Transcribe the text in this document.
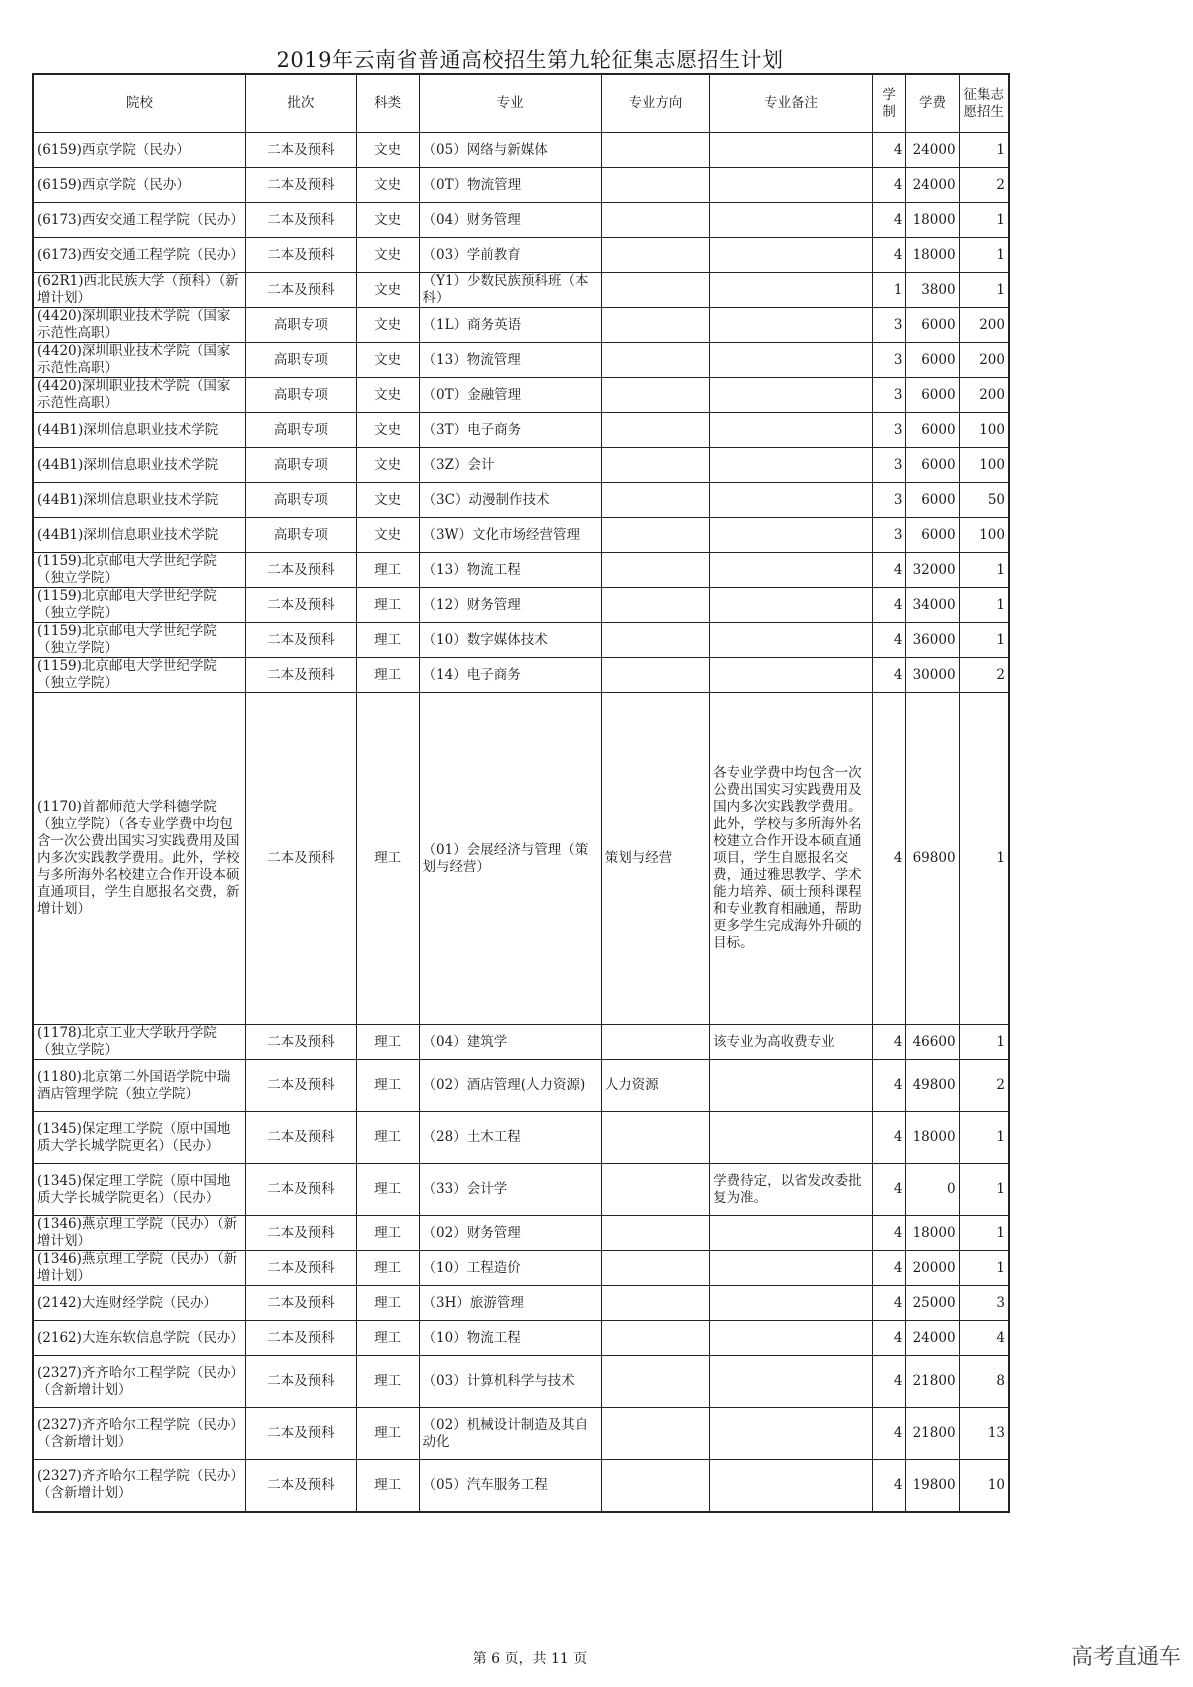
2019年云南省普通高校招生第九轮征集志愿招生计划
院校	批次	科类	专业	专业方向	专业备注	学制	学费	征集志愿招生
(6159)西京学院（民办）	二本及预科	文史	（05）网络与新媒体			4	24000	1
(6159)西京学院（民办）	二本及预科	文史	（0T）物流管理			4	24000	2
(6173)西安交通工程学院（民办）	二本及预科	文史	（04）财务管理			4	18000	1
(6173)西安交通工程学院（民办）	二本及预科	文史	（03）学前教育			4	18000	1
(62R1)西北民族大学（预科）（新增计划）	二本及预科	文史	（Y1）少数民族预科班（本科）			1	3800	1
(4420)深圳职业技术学院（国家示范性高职）	高职专项	文史	（1L）商务英语			3	6000	200
(4420)深圳职业技术学院（国家示范性高职）	高职专项	文史	（13）物流管理			3	6000	200
(4420)深圳职业技术学院（国家示范性高职）	高职专项	文史	（0T）金融管理			3	6000	200
(44B1)深圳信息职业技术学院	高职专项	文史	（3T）电子商务			3	6000	100
(44B1)深圳信息职业技术学院	高职专项	文史	（3Z）会计			3	6000	100
(44B1)深圳信息职业技术学院	高职专项	文史	（3C）动漫制作技术			3	6000	50
(44B1)深圳信息职业技术学院	高职专项	文史	（3W）文化市场经营管理			3	6000	100
(1159)北京邮电大学世纪学院（独立学院）	二本及预科	理工	（13）物流工程			4	32000	1
(1159)北京邮电大学世纪学院（独立学院）	二本及预科	理工	（12）财务管理			4	34000	1
(1159)北京邮电大学世纪学院（独立学院）	二本及预科	理工	（10）数字媒体技术			4	36000	1
(1159)北京邮电大学世纪学院（独立学院）	二本及预科	理工	（14）电子商务			4	30000	2
(1170)首都师范大学科德学院（独立学院）（各专业学费中均包含一次公费出国实习实践费用及国内多次实践教学费用。此外，学校与多所海外名校建立合作开设本硕直通项目，学生自愿报名交费，新增计划）	二本及预科	理工	（01）会展经济与管理（策划与经营）	策划与经营	各专业学费中均包含一次公费出国实习实践费用及国内多次实践教学费用。此外，学校与多所海外名校建立合作开设本硕直通项目，学生自愿报名交费，通过雅思教学、学术能力培养、硕士预科课程和专业教育相融通，帮助更多学生完成海外升硕的目标。	4	69800	1
(1178)北京工业大学耿丹学院（独立学院）	二本及预科	理工	（04）建筑学		该专业为高收费专业	4	46600	1
(1180)北京第二外国语学院中瑞酒店管理学院（独立学院）	二本及预科	理工	（02）酒店管理(人力资源)	人力资源		4	49800	2
(1345)保定理工学院（原中国地质大学长城学院更名）（民办）	二本及预科	理工	（28）土木工程			4	18000	1
(1345)保定理工学院（原中国地质大学长城学院更名）（民办）	二本及预科	理工	（33）会计学		学费待定，以省发改委批复为准。	4	0	1
(1346)燕京理工学院（民办）（新增计划）	二本及预科	理工	（02）财务管理			4	18000	1
(1346)燕京理工学院（民办）（新增计划）	二本及预科	理工	（10）工程造价			4	20000	1
(2142)大连财经学院（民办）	二本及预科	理工	（3H）旅游管理			4	25000	3
(2162)大连东软信息学院（民办）	二本及预科	理工	（10）物流工程			4	24000	4
(2327)齐齐哈尔工程学院（民办）（含新增计划）	二本及预科	理工	（03）计算机科学与技术			4	21800	8
(2327)齐齐哈尔工程学院（民办）（含新增计划）	二本及预科	理工	（02）机械设计制造及其自动化			4	21800	13
(2327)齐齐哈尔工程学院（民办）（含新增计划）	二本及预科	理工	（05）汽车服务工程			4	19800	10
第 6 页，共 11 页	高考直通车
